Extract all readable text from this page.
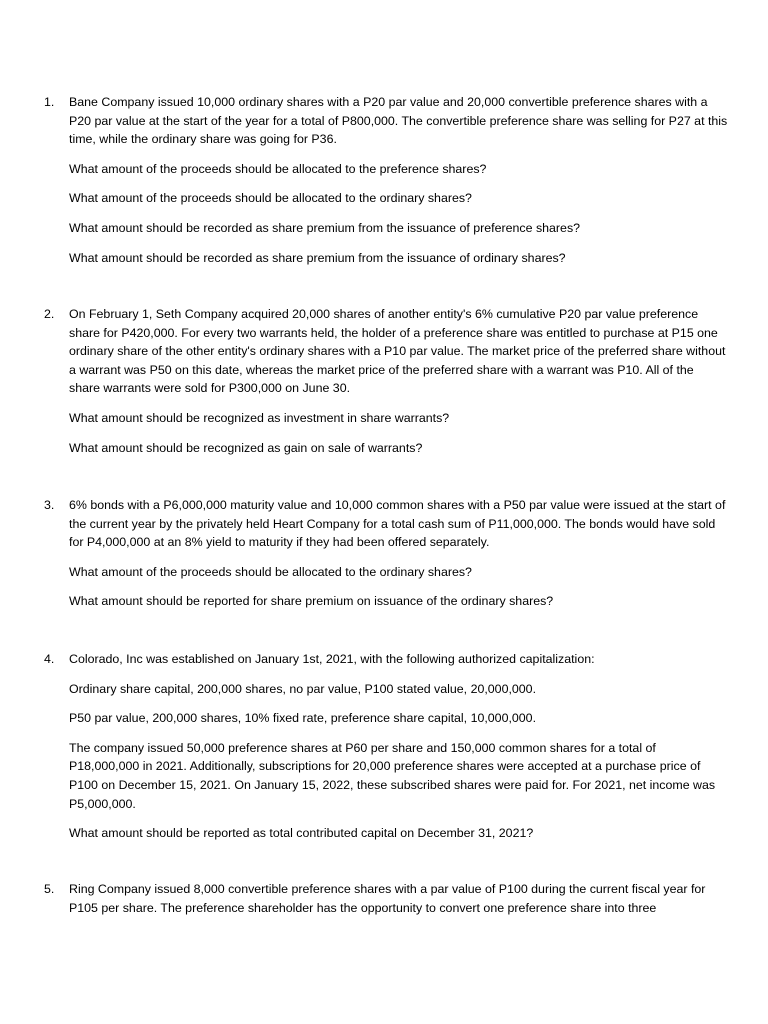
1.	Bane Company issued 10,000 ordinary shares with a P20 par value and 20,000 convertible preference shares with a P20 par value at the start of the year for a total of P800,000. The convertible preference share was selling for P27 at this time, while the ordinary share was going for P36.

What amount of the proceeds should be allocated to the preference shares?

What amount of the proceeds should be allocated to the ordinary shares?

What amount should be recorded as share premium from the issuance of preference shares?

What amount should be recorded as share premium from the issuance of ordinary shares?

2.	On February 1, Seth Company acquired 20,000 shares of another entity's 6% cumulative P20 par value preference share for P420,000. For every two warrants held, the holder of a preference share was entitled to purchase at P15 one ordinary share of the other entity's ordinary shares with a P10 par value. The market price of the preferred share without a warrant was P50 on this date, whereas the market price of the preferred share with a warrant was P10. All of the share warrants were sold for P300,000 on June 30.

What amount should be recognized as investment in share warrants?

What amount should be recognized as gain on sale of warrants?

3.	6% bonds with a P6,000,000 maturity value and 10,000 common shares with a P50 par value were issued at the start of the current year by the privately held Heart Company for a total cash sum of P11,000,000. The bonds would have sold for P4,000,000 at an 8% yield to maturity if they had been offered separately.

What amount of the proceeds should be allocated to the ordinary shares?

What amount should be reported for share premium on issuance of the ordinary shares?

4.	Colorado, Inc was established on January 1st, 2021, with the following authorized capitalization:

Ordinary share capital, 200,000 shares, no par value, P100 stated value, 20,000,000.

P50 par value, 200,000 shares, 10% fixed rate, preference share capital, 10,000,000.

The company issued 50,000 preference shares at P60 per share and 150,000 common shares for a total of P18,000,000 in 2021. Additionally, subscriptions for 20,000 preference shares were accepted at a purchase price of P100 on December 15, 2021. On January 15, 2022, these subscribed shares were paid for. For 2021, net income was P5,000,000.

What amount should be reported as total contributed capital on December 31, 2021?

5.	Ring Company issued 8,000 convertible preference shares with a par value of P100 during the current fiscal year for P105 per share. The preference shareholder has the opportunity to convert one preference share into three
